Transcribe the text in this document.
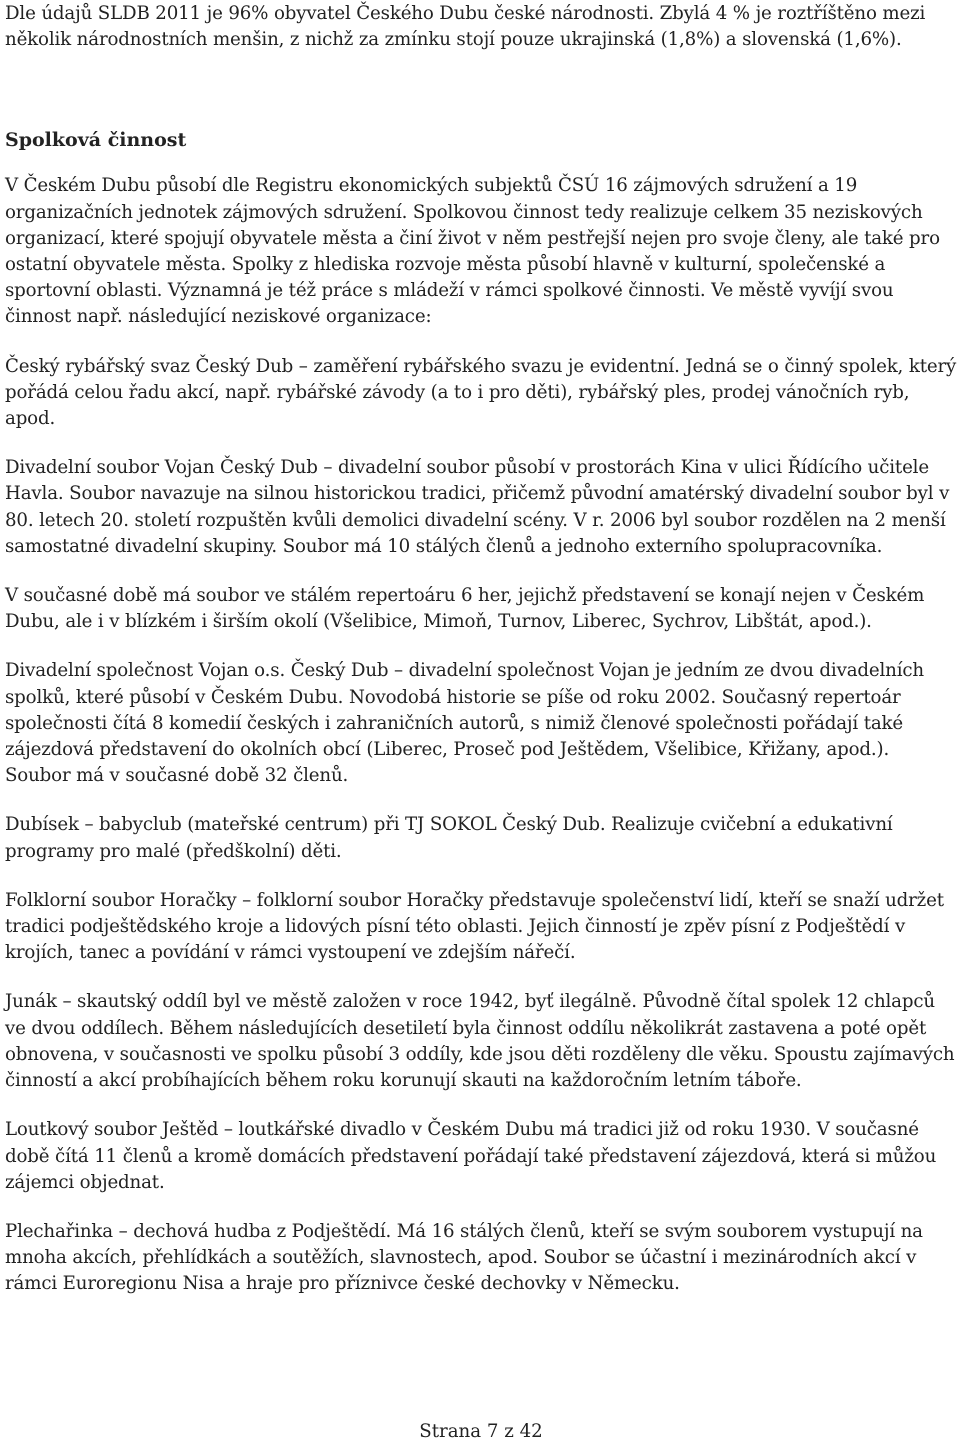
Dle údajů SLDB 2011 je 96% obyvatel Českého Dubu české národnosti. Zbylá 4 % je roztříštěno mezi několik národnostních menšin, z nichž za zmínku stojí pouze ukrajinská (1,8%) a slovenská (1,6%).

Spolková činnost

V Českém Dubu působí dle Registru ekonomických subjektů ČSÚ 16 zájmových sdružení a 19 organizačních jednotek zájmových sdružení. Spolkovou činnost tedy realizuje celkem 35 neziskových organizací, které spojují obyvatele města a činí život v něm pestřejší nejen pro svoje členy, ale také pro ostatní obyvatele města. Spolky z hlediska rozvoje města působí hlavně v kulturní, společenské a sportovní oblasti. Významná je též práce s mládeží v rámci spolkové činnosti. Ve městě vyvíjí svou činnost např. následující neziskové organizace:

Český rybářský svaz Český Dub – zaměření rybářského svazu je evidentní. Jedná se o činný spolek, který pořádá celou řadu akcí, např. rybářské závody (a to i pro děti), rybářský ples, prodej vánočních ryb, apod.

Divadelní soubor Vojan Český Dub – divadelní soubor působí v prostorách Kina v ulici Řídícího učitele Havla. Soubor navazuje na silnou historickou tradici, přičemž původní amatérský divadelní soubor byl v 80. letech 20. století rozpuštěn kvůli demolici divadelní scény. V r. 2006 byl soubor rozdělen na 2 menší samostatné divadelní skupiny. Soubor má 10 stálých členů a jednoho externího spolupracovníka.

V současné době má soubor ve stálém repertoáru 6 her, jejichž představení se konají nejen v Českém Dubu, ale i v blízkém i širším okolí (Všelibice, Mimoň, Turnov, Liberec, Sychrov, Libštát, apod.).

Divadelní společnost Vojan o.s. Český Dub – divadelní společnost Vojan je jedním ze dvou divadelních spolků, které působí v Českém Dubu. Novodobá historie se píše od roku 2002. Současný repertoár společnosti čítá 8 komedií českých i zahraničních autorů, s nimiž členové společnosti pořádají také zájezdová představení do okolních obcí (Liberec, Proseč pod Ještědem, Všelibice, Křižany, apod.). Soubor má v současné době 32 členů.

Dubísek – babyclub (mateřské centrum) při TJ SOKOL Český Dub. Realizuje cvičební a edukativní programy pro malé (předškolní) děti.

Folklorní soubor Horačky – folklorní soubor Horačky představuje společenství lidí, kteří se snaží udržet tradici podještědského kroje a lidových písní této oblasti. Jejich činností je zpěv písní z Podještědí v krojích, tanec a povídání v rámci vystoupení ve zdejším nářečí.

Junák – skautský oddíl byl ve městě založen v roce 1942, byť ilegálně. Původně čítal spolek 12 chlapců ve dvou oddílech. Během následujících desetiletí byla činnost oddílu několikrát zastavena a poté opět obnovena, v současnosti ve spolku působí 3 oddíly, kde jsou děti rozděleny dle věku. Spoustu zajímavých činností a akcí probíhajících během roku korunují skauti na každoročním letním táboře.

Loutkový soubor Ještěd – loutkářské divadlo v Českém Dubu má tradici již od roku 1930. V současné době čítá 11 členů a kromě domácích představení pořádají také představení zájezdová, která si můžou zájemci objednat.

Plechařinka – dechová hudba z Podještědí. Má 16 stálých členů, kteří se svým souborem vystupují na mnoha akcích, přehlídkách a soutěžích, slavnostech, apod. Soubor se účastní i mezinárodních akcí v rámci Euroregionu Nisa a hraje pro příznivce české dechovky v Německu.

Strana 7 z 42
